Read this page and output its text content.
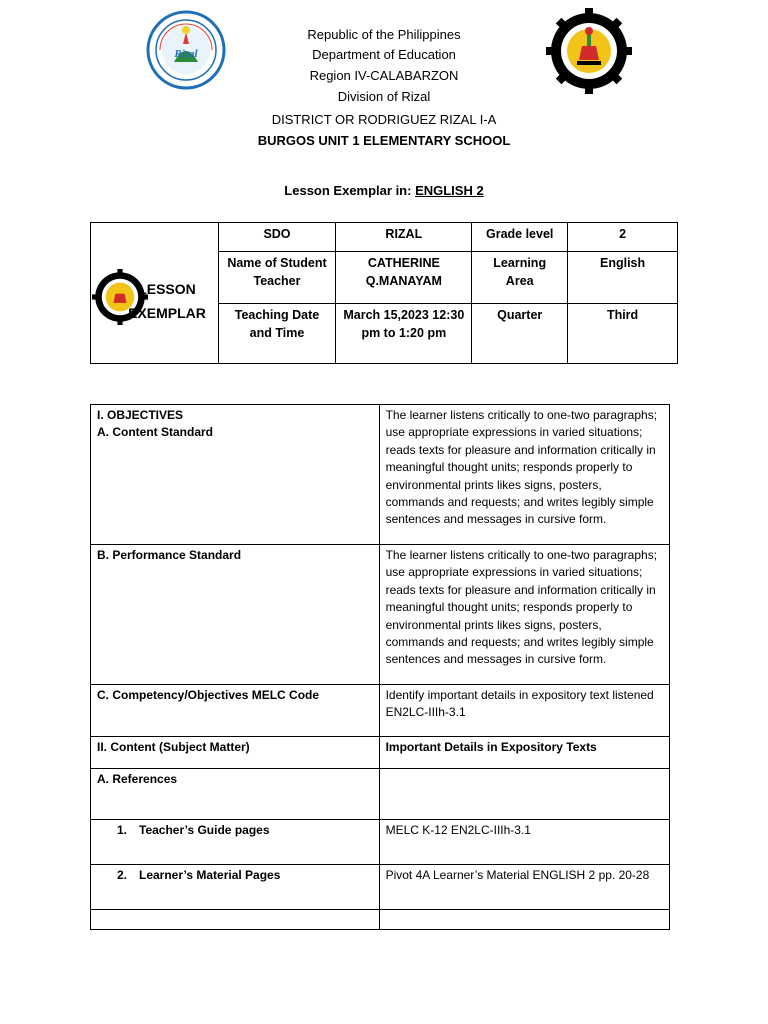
Rizal
Republic of the Philippines
Department of Education
Region IV-CALABARZON
Division of Rizal
DISTRICT OR RODRIGUEZ RIZAL I-A
BURGOS UNIT 1 ELEMENTARY SCHOOL
Lesson Exemplar in: ENGLISH 2
LESSON EXEMPLAR	SDO	RIZAL	Grade level	2
	Name of Student Teacher	CATHERINE Q.MANAYAM	Learning Area	English
	Teaching Date and Time	March 15,2023 12:30 pm to 1:20 pm	Quarter	Third
I. OBJECTIVES
A. Content Standard	The learner listens critically to one-two paragraphs; use appropriate expressions in varied situations; reads texts for pleasure and information critically in meaningful thought units; responds properly to environmental prints likes signs, posters, commands and requests; and writes legibly simple sentences and messages in cursive form.
B. Performance Standard	The learner listens critically to one-two paragraphs; use appropriate expressions in varied situations; reads texts for pleasure and information critically in meaningful thought units; responds properly to environmental prints likes signs, posters, commands and requests; and writes legibly simple sentences and messages in cursive form.
C. Competency/Objectives MELC Code	Identify important details in expository text listened EN2LC-IIIh-3.1
II. Content (Subject Matter)	Important Details in Expository Texts
A. References	
1. Teacher’s Guide pages	MELC K-12 EN2LC-IIIh-3.1
2. Learner’s Material Pages	Pivot 4A Learner’s Material ENGLISH 2 pp. 20-28
